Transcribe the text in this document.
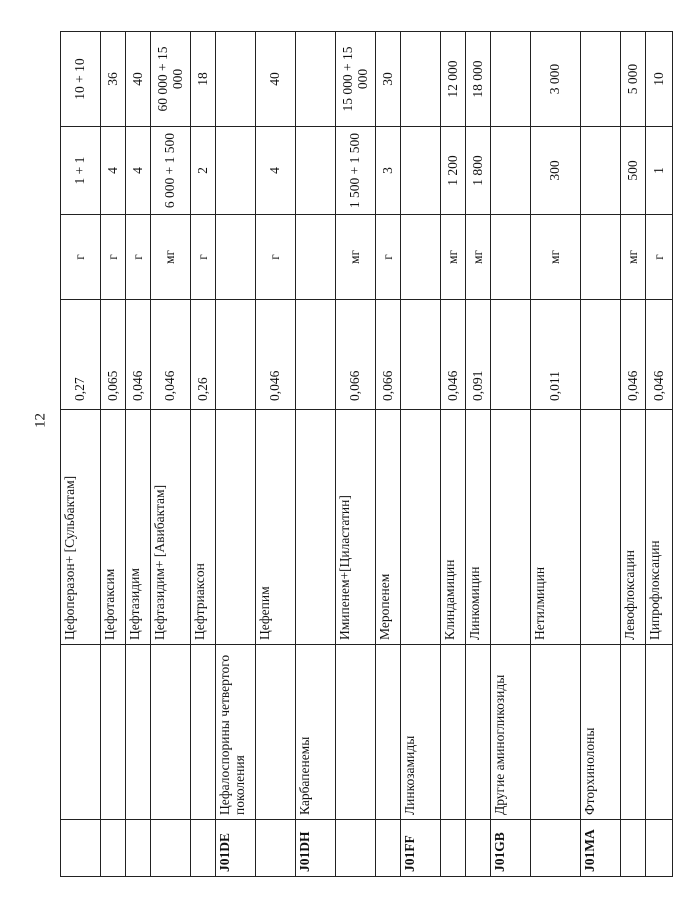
12
		Цефоперазон+ [Сульбактам]	0,27	г	1 + 1	10 + 10
		Цефотаксим	0,065	г	4	36
		Цефтазидим	0,046	г	4	40
		Цефтазидим+ [Авибактам]	0,046	мг	6 000 + 1 500	60 000 + 15 000
		Цефтриаксон	0,26	г	2	18
J01DE	Цефалоспорины четвертого поколения					
		Цефепим	0,046	г	4	40
J01DH	Карбапенемы					
		Имипенем+[Циластатин]	0,066	мг	1 500 + 1 500	15 000 + 15 000
		Меропенем	0,066	г	3	30
J01FF	Линкозамиды					
		Клиндамицин	0,046	мг	1 200	12 000
		Линкомицин	0,091	мг	1 800	18 000
J01GB	Другие аминогликозиды					
		Нетилмицин	0,011	мг	300	3 000
J01MA	Фторхинолоны					
		Левофлоксацин	0,046	мг	500	5 000
		Ципрофлоксацин	0,046	г	1	10
